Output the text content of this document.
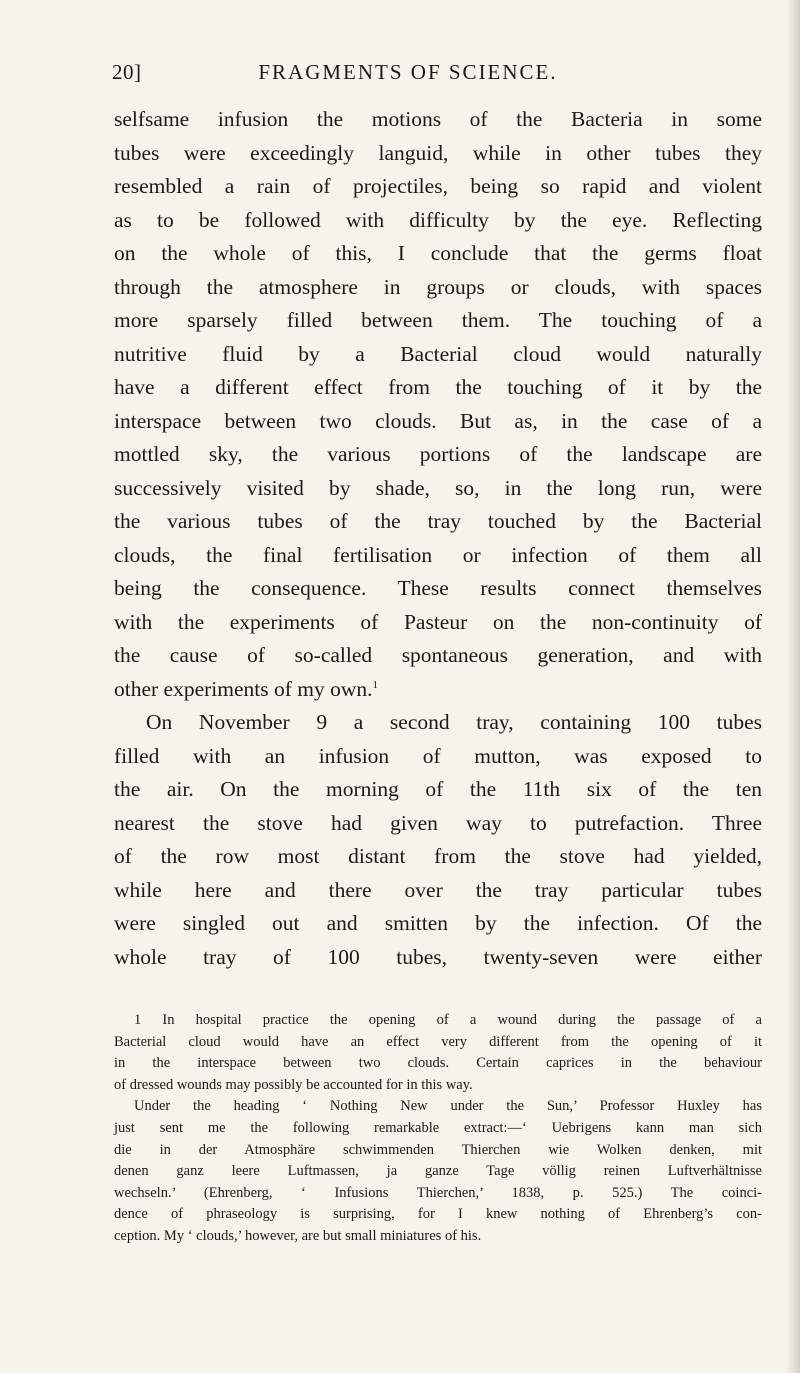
20]	FRAGMENTS OF SCIENCE.
selfsame infusion the motions of the Bacteria in some
tubes were exceedingly languid, while in other tubes they
resembled a rain of projectiles, being so rapid and violent
as to be followed with difficulty by the eye. Reflecting
on the whole of this, I conclude that the germs float
through the atmosphere in groups or clouds, with spaces
more sparsely filled between them. The touching of a
nutritive fluid by a Bacterial cloud would naturally
have a different effect from the touching of it by the
interspace between two clouds. But as, in the case of a
mottled sky, the various portions of the landscape are
successively visited by shade, so, in the long run, were
the various tubes of the tray touched by the Bacterial
clouds, the final fertilisation or infection of them all
being the consequence. These results connect themselves
with the experiments of Pasteur on the non-continuity of
the cause of so-called spontaneous generation, and with
other experiments of my own.$^1$
On November 9 a second tray, containing 100 tubes
filled with an infusion of mutton, was exposed to
the air. On the morning of the 11th six of the ten
nearest the stove had given way to putrefaction. Three
of the row most distant from the stove had yielded,
while here and there over the tray particular tubes
were singled out and smitten by the infection. Of the
whole tray of 100 tubes, twenty-seven were either
1 In hospital practice the opening of a wound during the passage of a
Bacterial cloud would have an effect very different from the opening of it
in the interspace between two clouds. Certain caprices in the behaviour
of dressed wounds may possibly be accounted for in this way.
Under the heading ‘ Nothing New under the Sun,’ Professor Huxley has
just sent me the following remarkable extract:—‘ Uebrigens kann man sich
die in der Atmosphäre schwimmenden Thierchen wie Wolken denken, mit
denen ganz leere Luftmassen, ja ganze Tage völlig reinen Luftverhältnisse
wechseln.’ (Ehrenberg, ‘ Infusions Thierchen,’ 1838, p. 525.) The coinci-
dence of phraseology is surprising, for I knew nothing of Ehrenberg’s con-
ception. My ‘ clouds,’ however, are but small miniatures of his.
